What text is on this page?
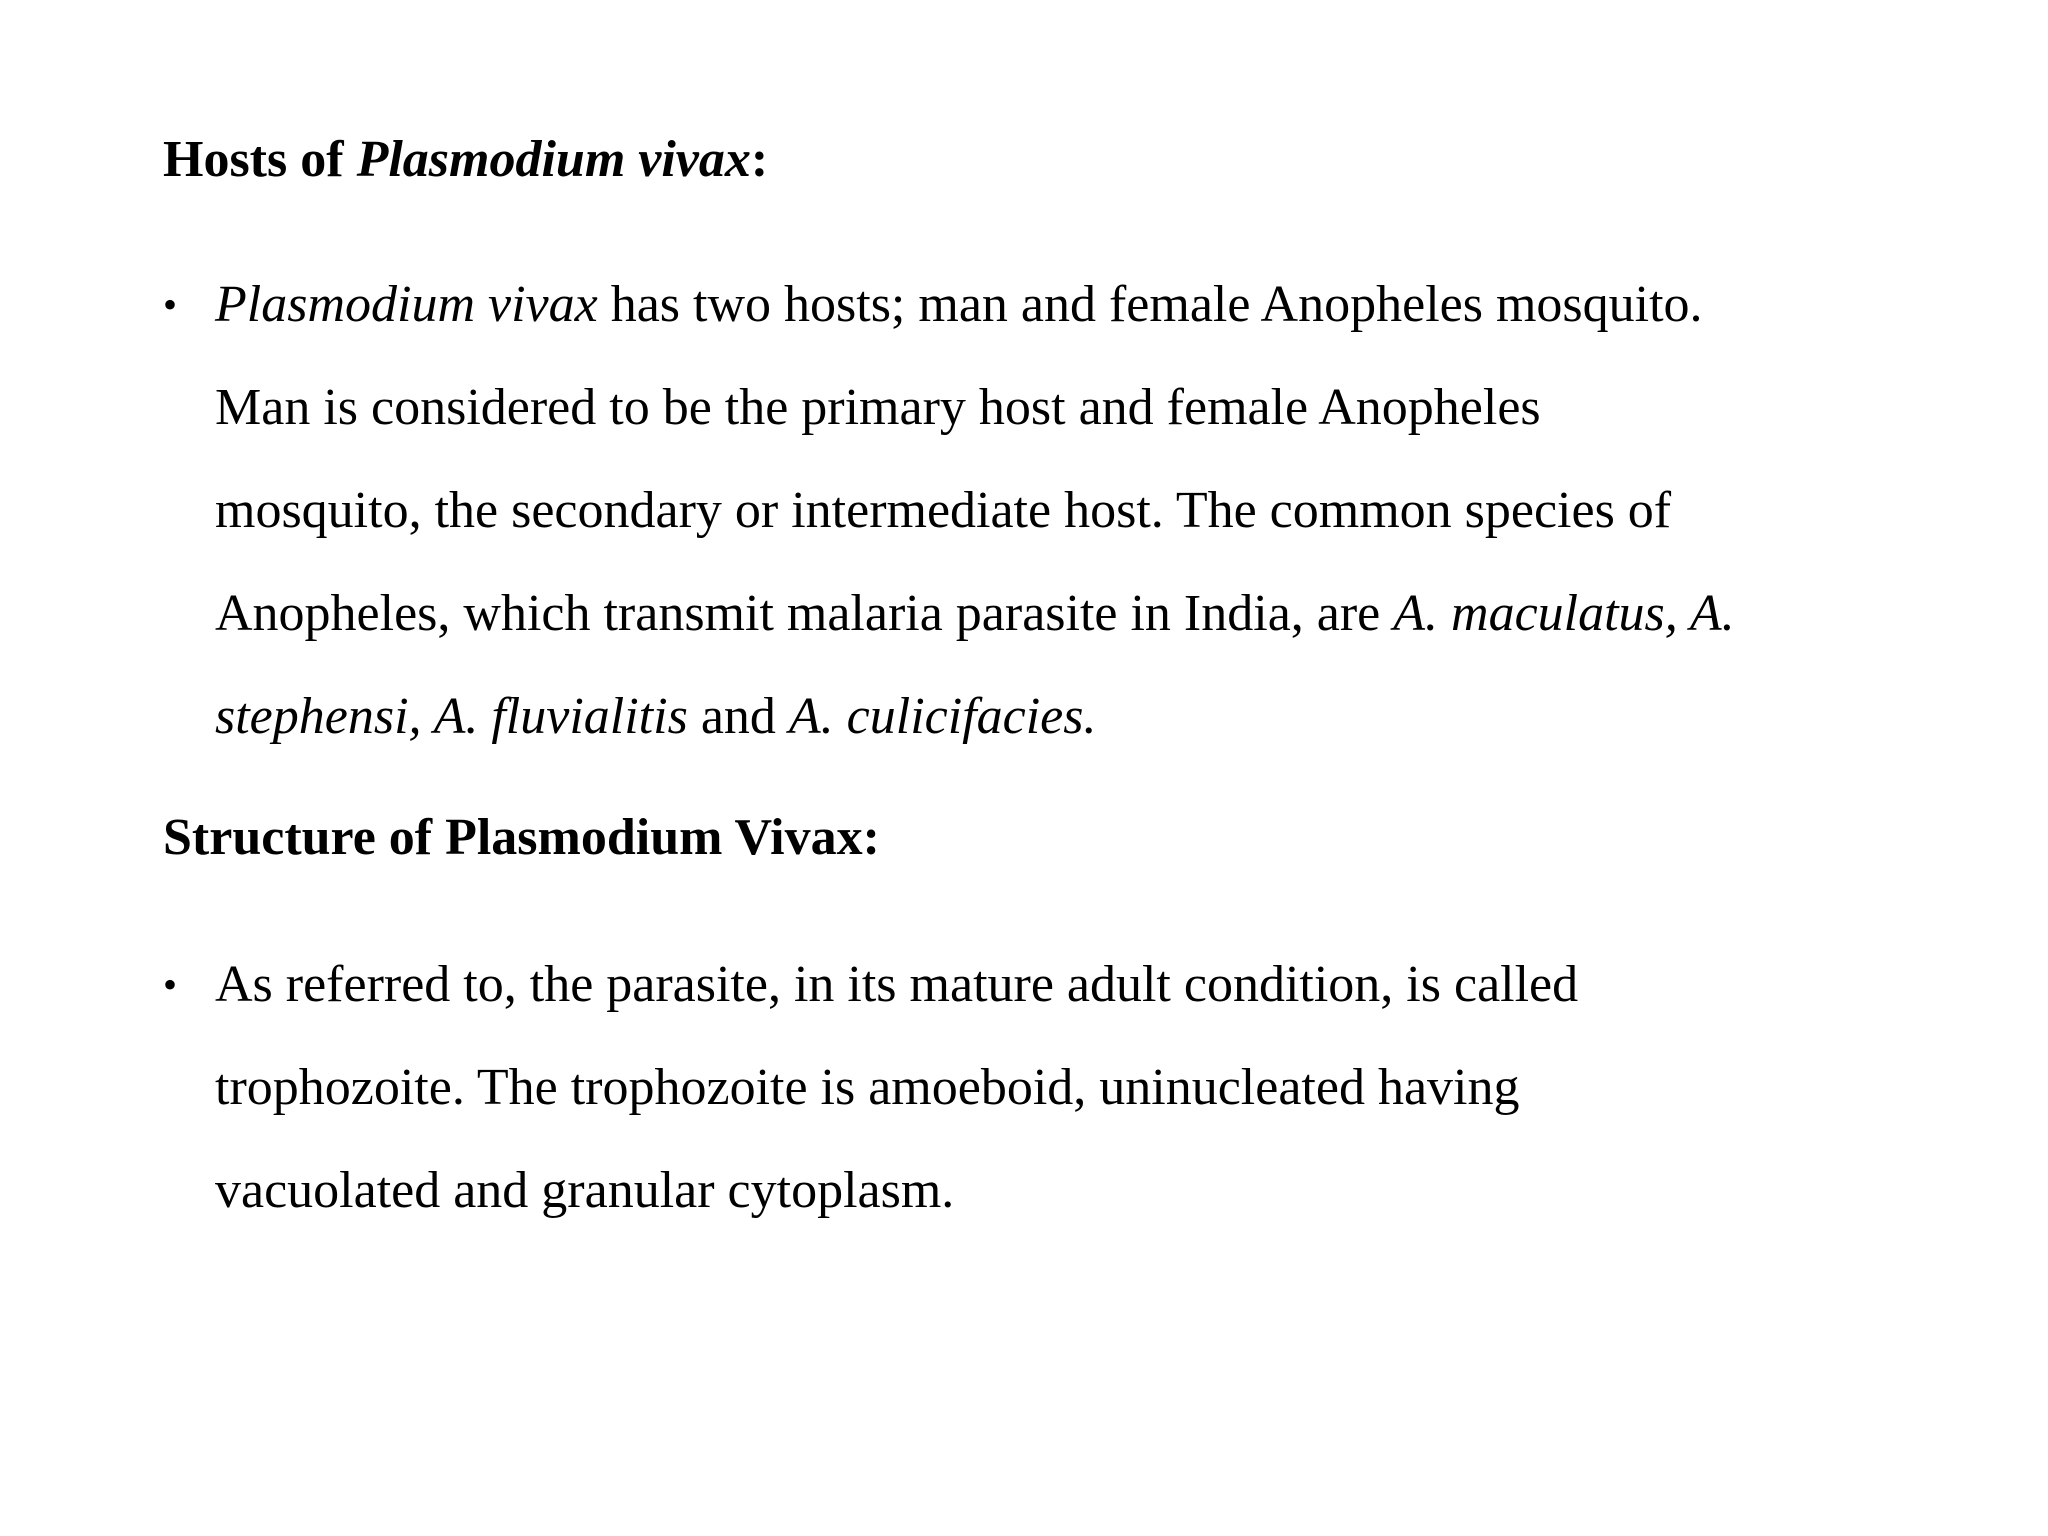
Hosts of Plasmodium vivax:
• Plasmodium vivax has two hosts; man and female Anopheles mosquito.
Man is considered to be the primary host and female Anopheles
mosquito, the secondary or intermediate host. The common species of
Anopheles, which transmit malaria parasite in India, are A. maculatus, A.
stephensi, A. fluvialitis and A. culicifacies.
Structure of Plasmodium Vivax:
• As referred to, the parasite, in its mature adult condition, is called
trophozoite. The trophozoite is amoeboid, uninucleated having
vacuolated and granular cytoplasm.
